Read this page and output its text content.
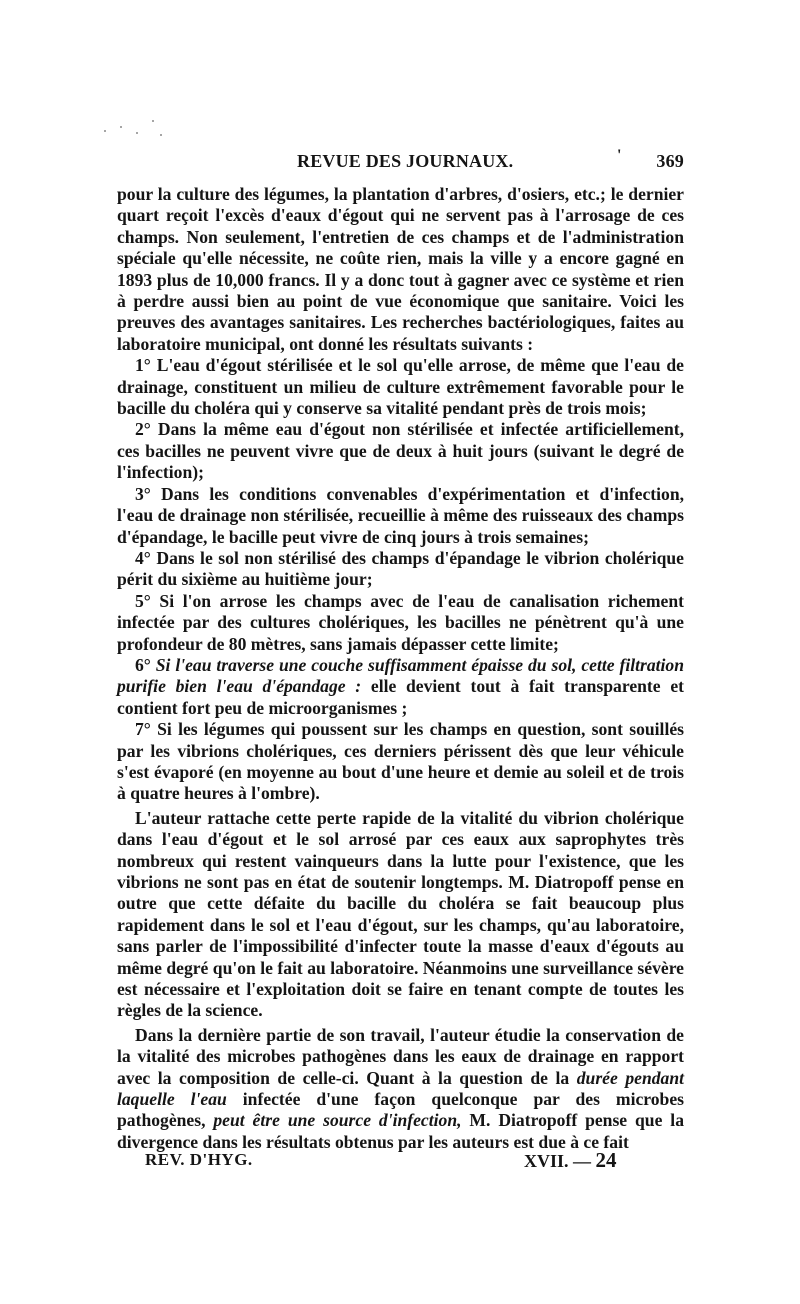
REVUE DES JOURNAUX.	' 369

pour la culture des légumes, la plantation d'arbres, d'osiers, etc.; le dernier quart reçoit l'excès d'eaux d'égout qui ne servent pas à l'arrosage de ces champs. Non seulement, l'entretien de ces champs et de l'administration spéciale qu'elle nécessite, ne coûte rien, mais la ville y a encore gagné en 1893 plus de 10,000 francs. Il y a donc tout à gagner avec ce système et rien à perdre aussi bien au point de vue économique que sanitaire. Voici les preuves des avantages sanitaires. Les recherches bactériologiques, faites au laboratoire municipal, ont donné les résultats suivants :

1° L'eau d'égout stérilisée et le sol qu'elle arrose, de même que l'eau de drainage, constituent un milieu de culture extrêmement favorable pour le bacille du choléra qui y conserve sa vitalité pendant près de trois mois;

2° Dans la même eau d'égout non stérilisée et infectée artificiellement, ces bacilles ne peuvent vivre que de deux à huit jours (suivant le degré de l'infection);

3° Dans les conditions convenables d'expérimentation et d'infection, l'eau de drainage non stérilisée, recueillie à même des ruisseaux des champs d'épandage, le bacille peut vivre de cinq jours à trois semaines;

4° Dans le sol non stérilisé des champs d'épandage le vibrion cholérique périt du sixième au huitième jour;

5° Si l'on arrose les champs avec de l'eau de canalisation richement infectée par des cultures cholériques, les bacilles ne pénètrent qu'à une profondeur de 80 mètres, sans jamais dépasser cette limite;

6° Si l'eau traverse une couche suffisamment épaisse du sol, cette filtration purifie bien l'eau d'épandage : elle devient tout à fait transparente et contient fort peu de microorganismes ;

7° Si les légumes qui poussent sur les champs en question, sont souillés par les vibrions cholériques, ces derniers périssent dès que leur véhicule s'est évaporé (en moyenne au bout d'une heure et demie au soleil et de trois à quatre heures à l'ombre).

L'auteur rattache cette perte rapide de la vitalité du vibrion cholérique dans l'eau d'égout et le sol arrosé par ces eaux aux saprophytes très nombreux qui restent vainqueurs dans la lutte pour l'existence, que les vibrions ne sont pas en état de soutenir longtemps. M. Diatropoff pense en outre que cette défaite du bacille du choléra se fait beaucoup plus rapidement dans le sol et l'eau d'égout, sur les champs, qu'au laboratoire, sans parler de l'impossibilité d'infecter toute la masse d'eaux d'égouts au même degré qu'on le fait au laboratoire. Néanmoins une surveillance sévère est nécessaire et l'exploitation doit se faire en tenant compte de toutes les règles de la science.

Dans la dernière partie de son travail, l'auteur étudie la conservation de la vitalité des microbes pathogènes dans les eaux de drainage en rapport avec la composition de celle-ci. Quant à la question de la durée pendant laquelle l'eau infectée d'une façon quelconque par des microbes pathogènes, peut être une source d'infection, M. Diatropoff pense que la divergence dans les résultats obtenus par les auteurs est due à ce fait

REV. D'HYG.	XVII. — 24
